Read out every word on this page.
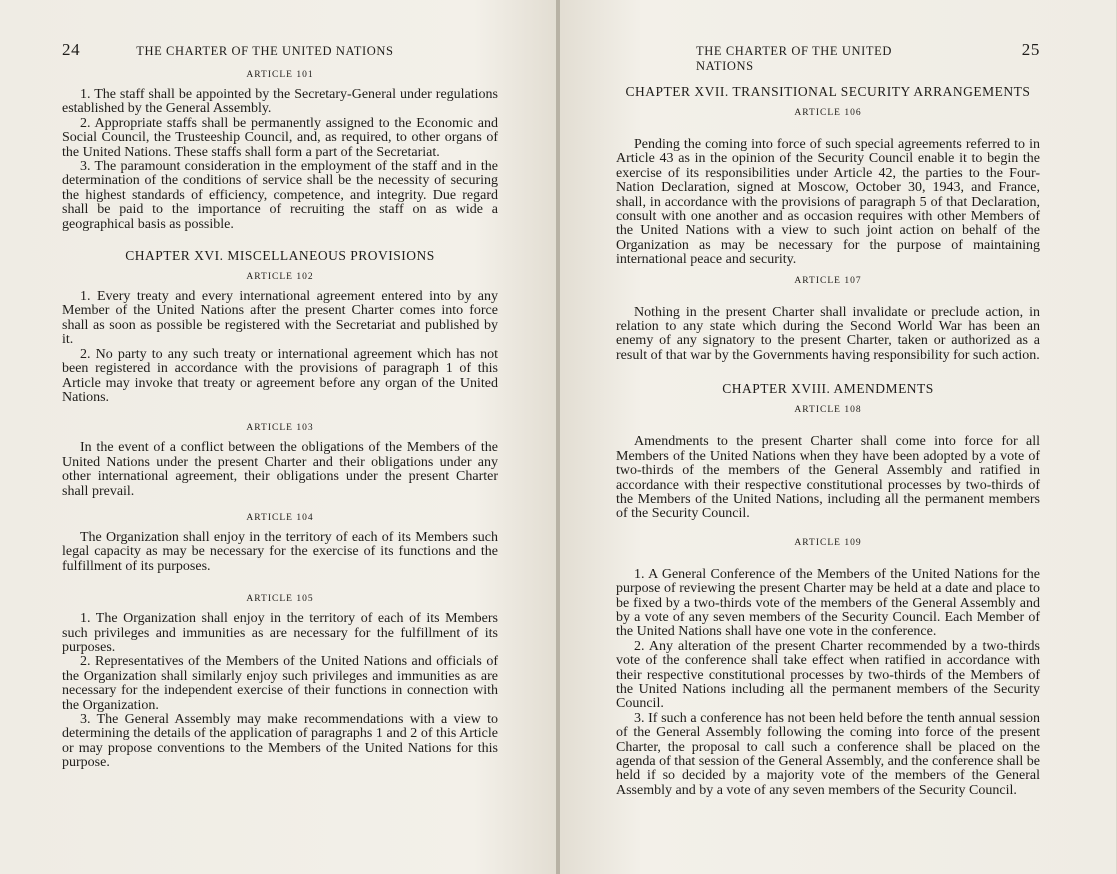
24	THE CHARTER OF THE UNITED NATIONS
ARTICLE 101

1. The staff shall be appointed by the Secretary-General under regulations established by the General Assembly.

2. Appropriate staffs shall be permanently assigned to the Economic and Social Council, the Trusteeship Council, and, as required, to other organs of the United Nations. These staffs shall form a part of the Secretariat.

3. The paramount consideration in the employment of the staff and in the determination of the conditions of service shall be the necessity of securing the highest standards of efficiency, competence, and integrity. Due regard shall be paid to the importance of recruiting the staff on as wide a geographical basis as possible.

CHAPTER XVI. MISCELLANEOUS PROVISIONS
ARTICLE 102

1. Every treaty and every international agreement entered into by any Member of the United Nations after the present Charter comes into force shall as soon as possible be registered with the Secretariat and published by it.

2. No party to any such treaty or international agreement which has not been registered in accordance with the provisions of paragraph 1 of this Article may invoke that treaty or agreement before any organ of the United Nations.

ARTICLE 103

In the event of a conflict between the obligations of the Members of the United Nations under the present Charter and their obligations under any other international agreement, their obligations under the present Charter shall prevail.

ARTICLE 104

The Organization shall enjoy in the territory of each of its Members such legal capacity as may be necessary for the exercise of its functions and the fulfillment of its purposes.

ARTICLE 105

1. The Organization shall enjoy in the territory of each of its Members such privileges and immunities as are necessary for the fulfillment of its purposes.

2. Representatives of the Members of the United Nations and officials of the Organization shall similarly enjoy such privileges and immunities as are necessary for the independent exercise of their functions in connection with the Organization.

3. The General Assembly may make recommendations with a view to determining the details of the application of paragraphs 1 and 2 of this Article or may propose conventions to the Members of the United Nations for this purpose.

THE CHARTER OF THE UNITED NATIONS
25
CHAPTER XVII. TRANSITIONAL SECURITY ARRANGEMENTS
ARTICLE 106

Pending the coming into force of such special agreements referred to in Article 43 as in the opinion of the Security Council enable it to begin the exercise of its responsibilities under Article 42, the parties to the Four-Nation Declaration, signed at Moscow, October 30, 1943, and France, shall, in accordance with the provisions of paragraph 5 of that Declaration, consult with one another and as occasion requires with other Members of the United Nations with a view to such joint action on behalf of the Organization as may be necessary for the purpose of maintaining international peace and security.

ARTICLE 107

Nothing in the present Charter shall invalidate or preclude action, in relation to any state which during the Second World War has been an enemy of any signatory to the present Charter, taken or authorized as a result of that war by the Governments having responsibility for such action.

CHAPTER XVIII. AMENDMENTS
ARTICLE 108

Amendments to the present Charter shall come into force for all Members of the United Nations when they have been adopted by a vote of two-thirds of the members of the General Assembly and ratified in accordance with their respective constitutional processes by two-thirds of the Members of the United Nations, including all the permanent members of the Security Council.

ARTICLE 109

1. A General Conference of the Members of the United Nations for the purpose of reviewing the present Charter may be held at a date and place to be fixed by a two-thirds vote of the members of the General Assembly and by a vote of any seven members of the Security Council. Each Member of the United Nations shall have one vote in the conference.

2. Any alteration of the present Charter recommended by a two-thirds vote of the conference shall take effect when ratified in accordance with their respective constitutional processes by two-thirds of the Members of the United Nations including all the permanent members of the Security Council.

3. If such a conference has not been held before the tenth annual session of the General Assembly following the coming into force of the present Charter, the proposal to call such a conference shall be placed on the agenda of that session of the General Assembly, and the conference shall be held if so decided by a majority vote of the members of the General Assembly and by a vote of any seven members of the Security Council.
